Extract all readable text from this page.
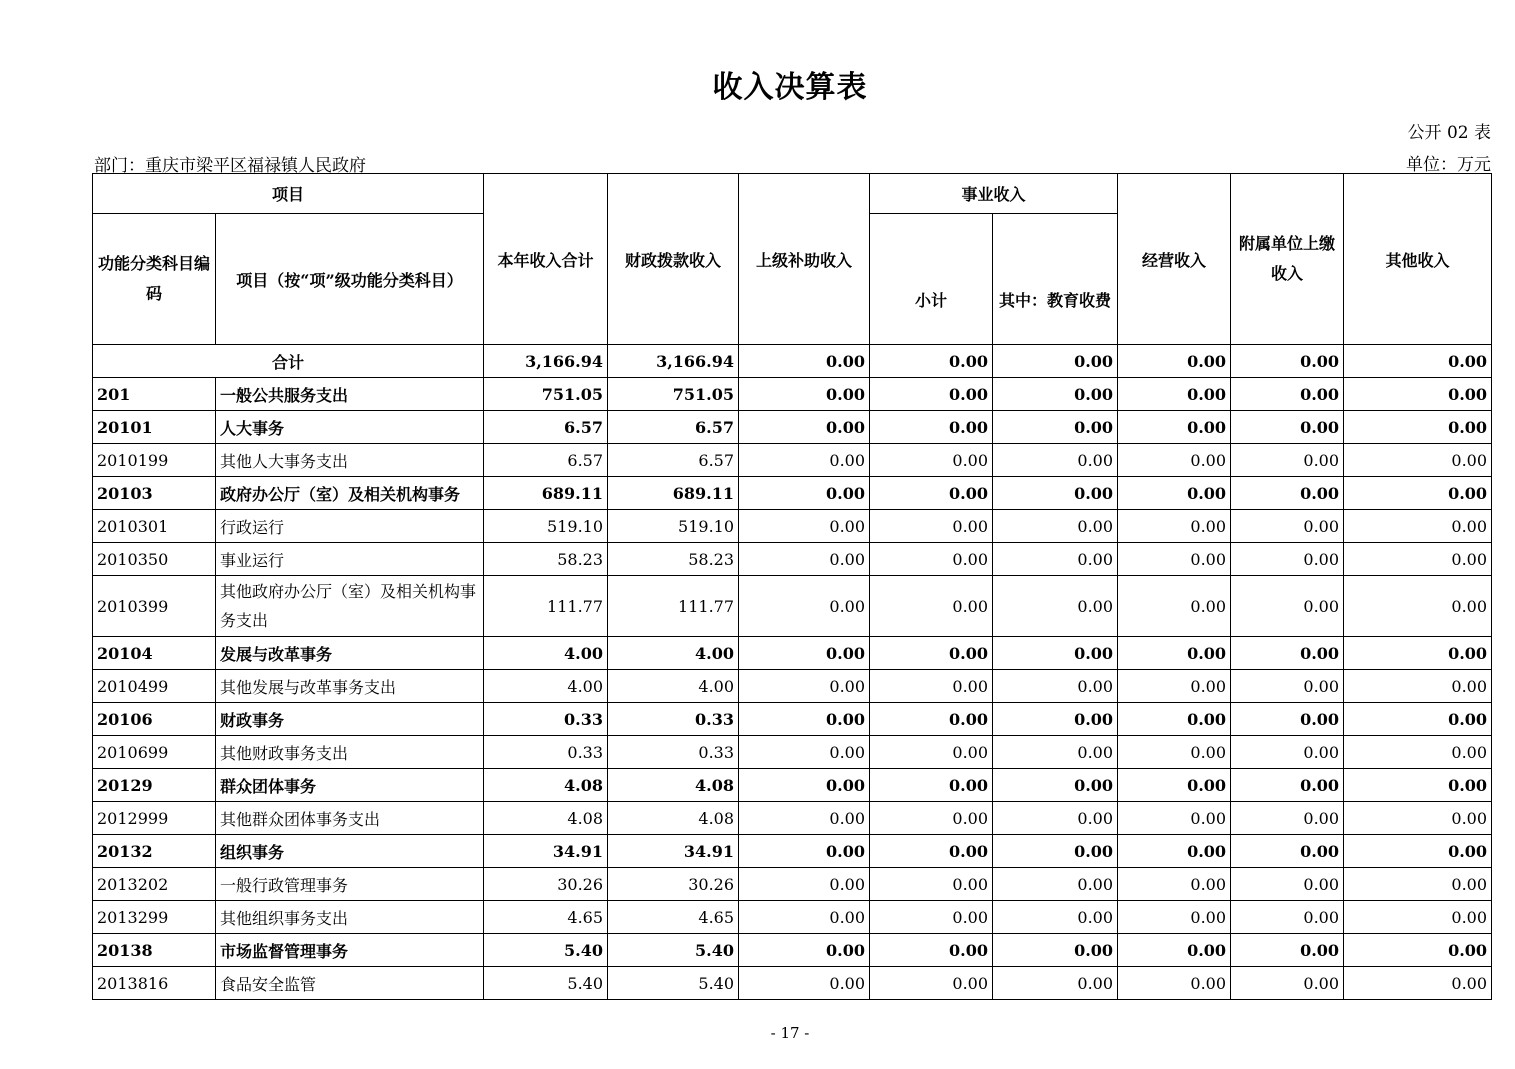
收入决算表
公开 02 表
部门：重庆市梁平区福禄镇人民政府	单位：万元
项目		本年收入合计	财政拨款收入	上级补助收入	事业收入		经营收入	附属单位上缴收入	其他收入
功能分类科目编码	项目（按“项”级功能分类科目）				小计	其中：教育收费			
合计		3,166.94	3,166.94	0.00	0.00	0.00	0.00	0.00	0.00
201	一般公共服务支出	751.05	751.05	0.00	0.00	0.00	0.00	0.00	0.00
20101	人大事务	6.57	6.57	0.00	0.00	0.00	0.00	0.00	0.00
2010199	其他人大事务支出	6.57	6.57	0.00	0.00	0.00	0.00	0.00	0.00
20103	政府办公厅（室）及相关机构事务	689.11	689.11	0.00	0.00	0.00	0.00	0.00	0.00
2010301	行政运行	519.10	519.10	0.00	0.00	0.00	0.00	0.00	0.00
2010350	事业运行	58.23	58.23	0.00	0.00	0.00	0.00	0.00	0.00
2010399	其他政府办公厅（室）及相关机构事务支出	111.77	111.77	0.00	0.00	0.00	0.00	0.00	0.00
20104	发展与改革事务	4.00	4.00	0.00	0.00	0.00	0.00	0.00	0.00
2010499	其他发展与改革事务支出	4.00	4.00	0.00	0.00	0.00	0.00	0.00	0.00
20106	财政事务	0.33	0.33	0.00	0.00	0.00	0.00	0.00	0.00
2010699	其他财政事务支出	0.33	0.33	0.00	0.00	0.00	0.00	0.00	0.00
20129	群众团体事务	4.08	4.08	0.00	0.00	0.00	0.00	0.00	0.00
2012999	其他群众团体事务支出	4.08	4.08	0.00	0.00	0.00	0.00	0.00	0.00
20132	组织事务	34.91	34.91	0.00	0.00	0.00	0.00	0.00	0.00
2013202	一般行政管理事务	30.26	30.26	0.00	0.00	0.00	0.00	0.00	0.00
2013299	其他组织事务支出	4.65	4.65	0.00	0.00	0.00	0.00	0.00	0.00
20138	市场监督管理事务	5.40	5.40	0.00	0.00	0.00	0.00	0.00	0.00
2013816	食品安全监管	5.40	5.40	0.00	0.00	0.00	0.00	0.00	0.00
- 17 -
